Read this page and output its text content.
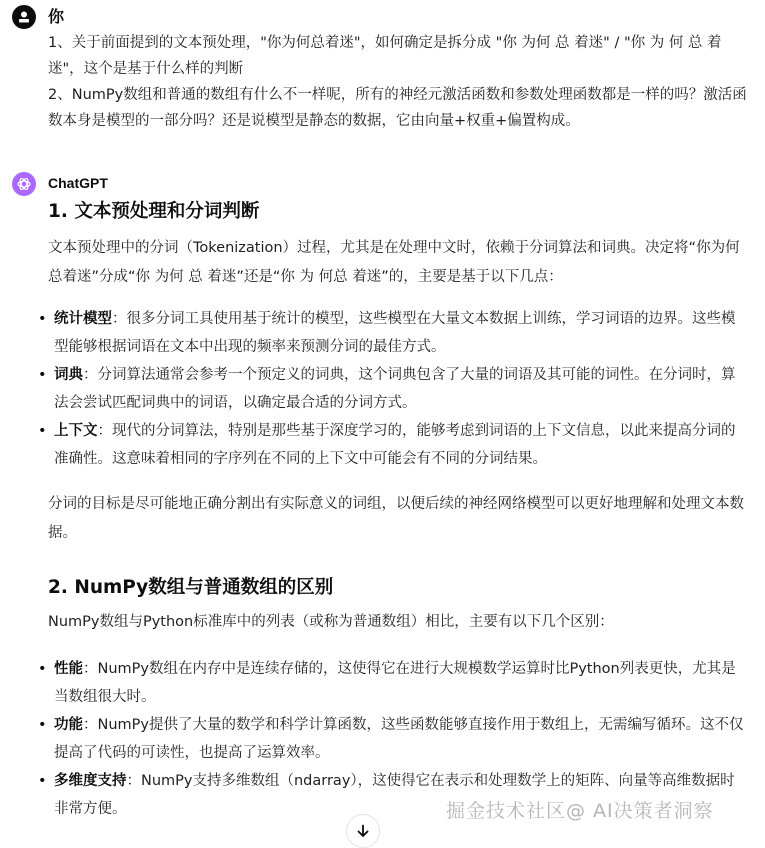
你

1、关于前面提到的文本预处理，"你为何总着迷"，如何确定是拆分成 "你 为何 总 着迷" / "你 为 何 总 着迷"，这个是基于什么样的判断

2、NumPy数组和普通的数组有什么不一样呢，所有的神经元激活函数和参数处理函数都是一样的吗？激活函数本身是模型的一部分吗？还是说模型是静态的数据，它由向量+权重+偏置构成。

ChatGPT
1. 文本预处理和分词判断

文本预处理中的分词（Tokenization）过程，尤其是在处理中文时，依赖于分词算法和词典。决定将“你为何总着迷”分成“你 为何 总 着迷”还是“你 为 何总 着迷”的，主要是基于以下几点：

• 统计模型：很多分词工具使用基于统计的模型，这些模型在大量文本数据上训练，学习词语的边界。这些模型能够根据词语在文本中出现的频率来预测分词的最佳方式。
• 词典：分词算法通常会参考一个预定义的词典，这个词典包含了大量的词语及其可能的词性。在分词时，算法会尝试匹配词典中的词语，以确定最合适的分词方式。
• 上下文：现代的分词算法，特别是那些基于深度学习的，能够考虑到词语的上下文信息，以此来提高分词的准确性。这意味着相同的字序列在不同的上下文中可能会有不同的分词结果。

分词的目标是尽可能地正确分割出有实际意义的词组，以便后续的神经网络模型可以更好地理解和处理文本数据。

2. NumPy数组与普通数组的区别

NumPy数组与Python标准库中的列表（或称为普通数组）相比，主要有以下几个区别：

• 性能：NumPy数组在内存中是连续存储的，这使得它在进行大规模数学运算时比Python列表更快，尤其是当数组很大时。
• 功能：NumPy提供了大量的数学和科学计算函数，这些函数能够直接作用于数组上，无需编写循环。这不仅提高了代码的可读性，也提高了运算效率。
• 多维度支持：NumPy支持多维数组（ndarray），这使得它在表示和处理数学上的矩阵、向量等高维数据时非常方便。	掘金技术社区@ AI决策者洞察
